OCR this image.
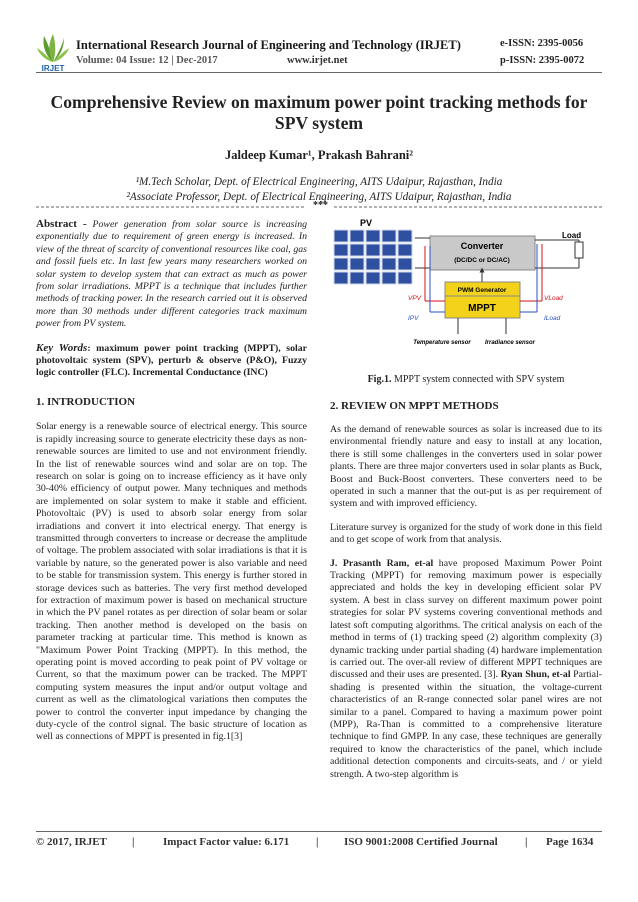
IRJET
International Research Journal of Engineering and Technology (IRJET)
Volume: 04 Issue: 12 | Dec-2017	www.irjet.net
e-ISSN: 2395-0056
p-ISSN: 2395-0072
Comprehensive Review on maximum power point tracking methods for SPV system
Jaldeep Kumar¹, Prakash Bahrani²
¹M.Tech Scholar, Dept. of Electrical Engineering, AITS Udaipur, Rajasthan, India
²Associate Professor, Dept. of Electrical Engineering, AITS Udaipur, Rajasthan, India
***

Abstract - Power generation from solar source is increasing exponentially due to requirement of green energy is increased. In view of the threat of scarcity of conventional resources like coal, gas and fossil fuels etc. In last few years many researchers worked on solar system to develop system that can extract as much as power from solar irradiations. MPPT is a technique that includes further methods of tracking power. In the research carried out it is observed more than 30 methods under different categories track maximum power from PV system.

Key Words: maximum power point tracking (MPPT), solar photovoltaic system (SPV), perturb & observe (P&O), Fuzzy logic controller (FLC). Incremental Conductance (INC)

1. INTRODUCTION

Solar energy is a renewable source of electrical energy. This source is rapidly increasing source to generate electricity these days as non-renewable sources are limited to use and not environment friendly. In the list of renewable sources wind and solar are on top. The research on solar is going on to increase efficiency as it have only 30-40% efficiency of output power. Many techniques and methods are implemented on solar system to make it stable and efficient. Photovoltaic (PV) is used to absorb solar energy from solar irradiations and convert it into electrical energy. That energy is transmitted through converters to increase or decrease the amplitude of voltage. The problem associated with solar irradiations is that it is variable by nature, so the generated power is also variable and need to be stable for transmission system. This energy is further stored in storage devices such as batteries. The very first method developed for extraction of maximum power is based on mechanical structure in which the PV panel rotates as per direction of solar beam or solar tracking. Then another method is developed on the basis on parameter tracking at particular time. This method is known as "Maximum Power Point Tracking (MPPT). In this method, the operating point is moved according to peak point of PV voltage or Current, so that the maximum power can be tracked. The MPPT computing system measures the input and/or output voltage and current as well as the climatological variations then computes the power to control the converter input impedance by changing the duty-cycle of the control signal. The basic structure of location as well as connections of MPPT is presented in fig.1[3]

PV
Converter
(DC/DC or DC/AC)
Load
PWM Generator
MPPT
VPV
IPV
VLoad
ILoad
Temperature sensor Irradiance sensor
Fig.1. MPPT system connected with SPV system
2. REVIEW ON MPPT METHODS

As the demand of renewable sources as solar is increased due to its environmental friendly nature and easy to install at any location, there is still some challenges in the converters used in solar power plants. There are three major converters used in solar plants as Buck, Boost and Buck-Boost converters. These converters need to be operated in such a manner that the out-put is as per requirement of system and with improved efficiency.

Literature survey is organized for the study of work done in this field and to get scope of work from that analysis.

J. Prasanth Ram, et-al have proposed Maximum Power Point Tracking (MPPT) for removing maximum power is especially appreciated and holds the key in developing efficient solar PV system. A best in class survey on different maximum power point strategies for solar PV systems covering conventional methods and latest soft computing algorithms. The critical analysis on each of the method in terms of (1) tracking speed (2) algorithm complexity (3) dynamic tracking under partial shading (4) hardware implementation is carried out. The over-all review of different MPPT techniques are discussed and their uses are presented. [3]. Ryan Shun, et-al Partial-shading is presented within the situation, the voltage-current characteristics of an R-range connected solar panel wires are not similar to a panel. Compared to having a maximum power point (MPP), Ra-Than is committed to a comprehensive literature technique to find GMPP. In any case, these techniques are generally required to know the characteristics of the panel, which include additional detection components and circuits-seats, and / or yield strength. A two-step algorithm is

© 2017, IRJET |	Impact Factor value: 6.171 | ISO 9001:2008 Certified Journal | Page 1634
